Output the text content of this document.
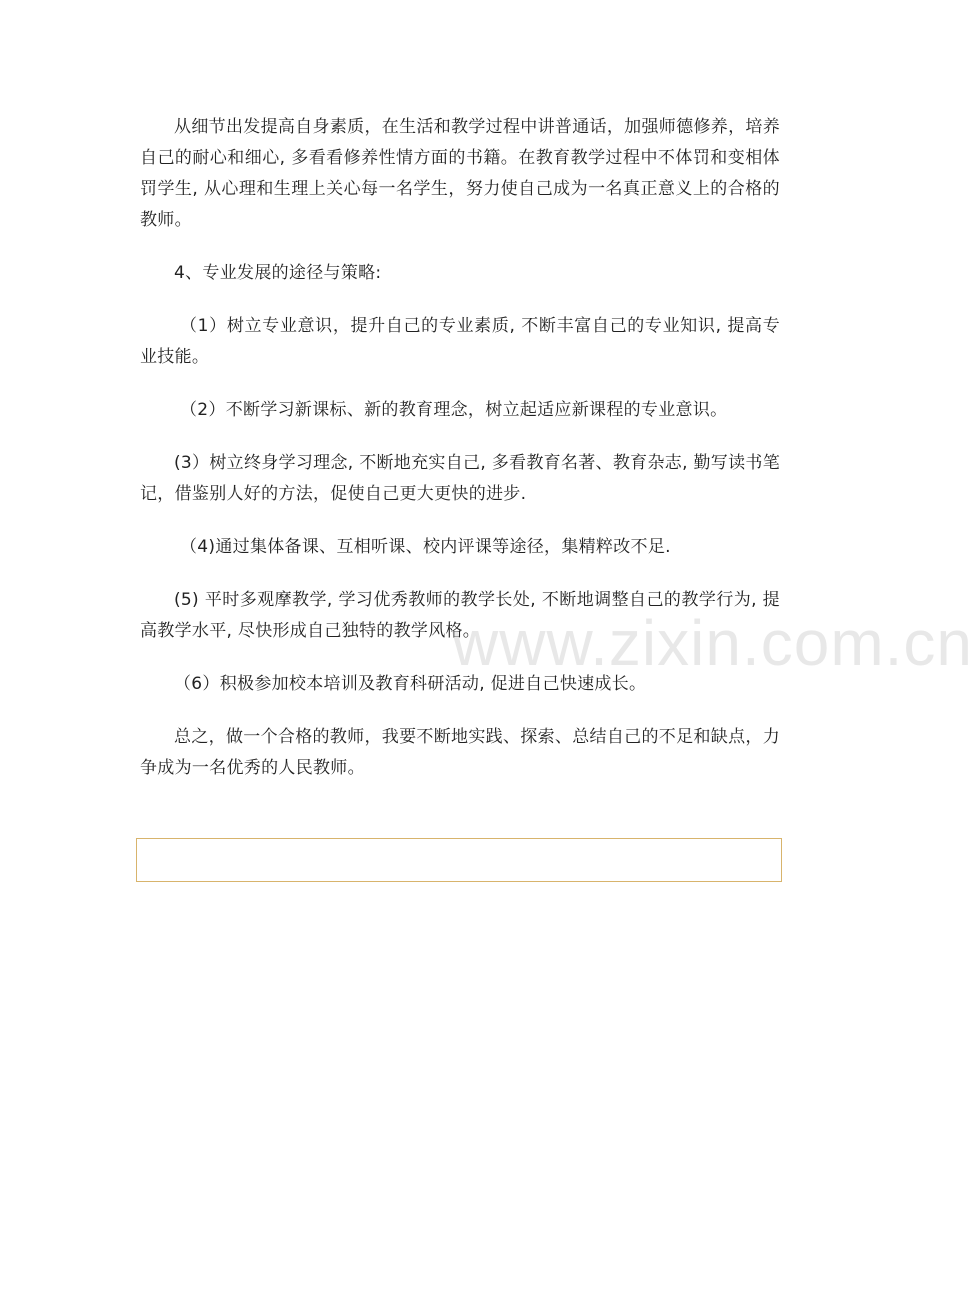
从细节出发提高自身素质，在生活和教学过程中讲普通话，加强师德修养，培养自己的耐心和细心, 多看看修养性情方面的书籍。在教育教学过程中不体罚和变相体罚学生, 从心理和生理上关心每一名学生，努力使自己成为一名真正意义上的合格的教师。

4、专业发展的途径与策略:

（1）树立专业意识，提升自己的专业素质, 不断丰富自己的专业知识, 提高专业技能。

（2）不断学习新课标、新的教育理念，树立起适应新课程的专业意识。

(3）树立终身学习理念, 不断地充实自己, 多看教育名著、教育杂志, 勤写读书笔记，借鉴别人好的方法，促使自己更大更快的进步.

（4)通过集体备课、互相听课、校内评课等途径，集精粹改不足.

(5) 平时多观摩教学, 学习优秀教师的教学长处, 不断地调整自己的教学行为, 提高教学水平, 尽快形成自己独特的教学风格。

（6）积极参加校本培训及教育科研活动, 促进自己快速成长。

总之，做一个合格的教师，我要不断地实践、探索、总结自己的不足和缺点，力争成为一名优秀的人民教师。

www.zixin.com.cn
